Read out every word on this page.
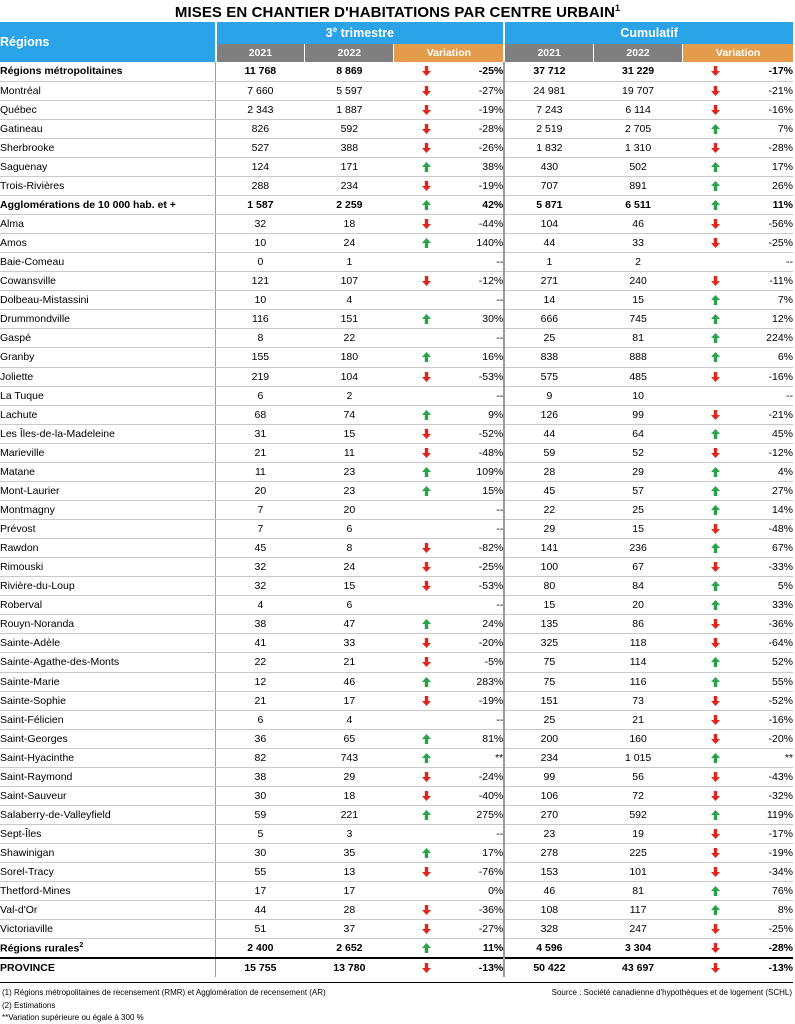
MISES EN CHANTIER D'HABITATIONS PAR CENTRE URBAIN$^1$
Régions	3e trimestre			Cumulatif		
	2021	2022	Variation	2021	2022	Variation
Régions métropolitaines	11 768	8 869	-25%	37 712	31 229	-17%
Montréal	7 660	5 597	-27%	24 981	19 707	-21%
Québec	2 343	1 887	-19%	7 243	6 114	-16%
Gatineau	826	592	-28%	2 519	2 705	7%
Sherbrooke	527	388	-26%	1 832	1 310	-28%
Saguenay	124	171	38%	430	502	17%
Trois-Rivières	288	234	-19%	707	891	26%
Agglomérations de 10 000 hab. et +	1 587	2 259	42%	5 871	6 511	11%
Alma	32	18	-44%	104	46	-56%
Amos	10	24	140%	44	33	-25%
Baie-Comeau	0	1	--	1	2	--
Cowansville	121	107	-12%	271	240	-11%
Dolbeau-Mistassini	10	4	--	14	15	7%
Drummondville	116	151	30%	666	745	12%
Gaspé	8	22	--	25	81	224%
Granby	155	180	16%	838	888	6%
Joliette	219	104	-53%	575	485	-16%
La Tuque	6	2	--	9	10	--
Lachute	68	74	9%	126	99	-21%
Les Îles-de-la-Madeleine	31	15	-52%	44	64	45%
Marieville	21	11	-48%	59	52	-12%
Matane	11	23	109%	28	29	4%
Mont-Laurier	20	23	15%	45	57	27%
Montmagny	7	20	--	22	25	14%
Prévost	7	6	--	29	15	-48%
Rawdon	45	8	-82%	141	236	67%
Rimouski	32	24	-25%	100	67	-33%
Rivière-du-Loup	32	15	-53%	80	84	5%
Roberval	4	6	--	15	20	33%
Rouyn-Noranda	38	47	24%	135	86	-36%
Sainte-Adèle	41	33	-20%	325	118	-64%
Sainte-Agathe-des-Monts	22	21	-5%	75	114	52%
Sainte-Marie	12	46	283%	75	116	55%
Sainte-Sophie	21	17	-19%	151	73	-52%
Saint-Félicien	6	4	--	25	21	-16%
Saint-Georges	36	65	81%	200	160	-20%
Saint-Hyacinthe	82	743	**	234	1 015	**
Saint-Raymond	38	29	-24%	99	56	-43%
Saint-Sauveur	30	18	-40%	106	72	-32%
Salaberry-de-Valleyfield	59	221	275%	270	592	119%
Sept-Îles	5	3	--	23	19	-17%
Shawinigan	30	35	17%	278	225	-19%
Sorel-Tracy	55	13	-76%	153	101	-34%
Thetford-Mines	17	17	0%	46	81	76%
Val-d'Or	44	28	-36%	108	117	8%
Victoriaville	51	37	-27%	328	247	-25%
Régions rurales$^2$	2 400	2 652	11%	4 596	3 304	-28%
PROVINCE	15 755	13 780	-13%	50 422	43 697	-13%
(1) Régions métropolitaines de recensement (RMR) et Agglomération de recensement (AR)
(2) Estimations
**Variation supérieure ou égale à 300 %
Source : Société canadienne d'hypothèques et de logement (SCHL)
